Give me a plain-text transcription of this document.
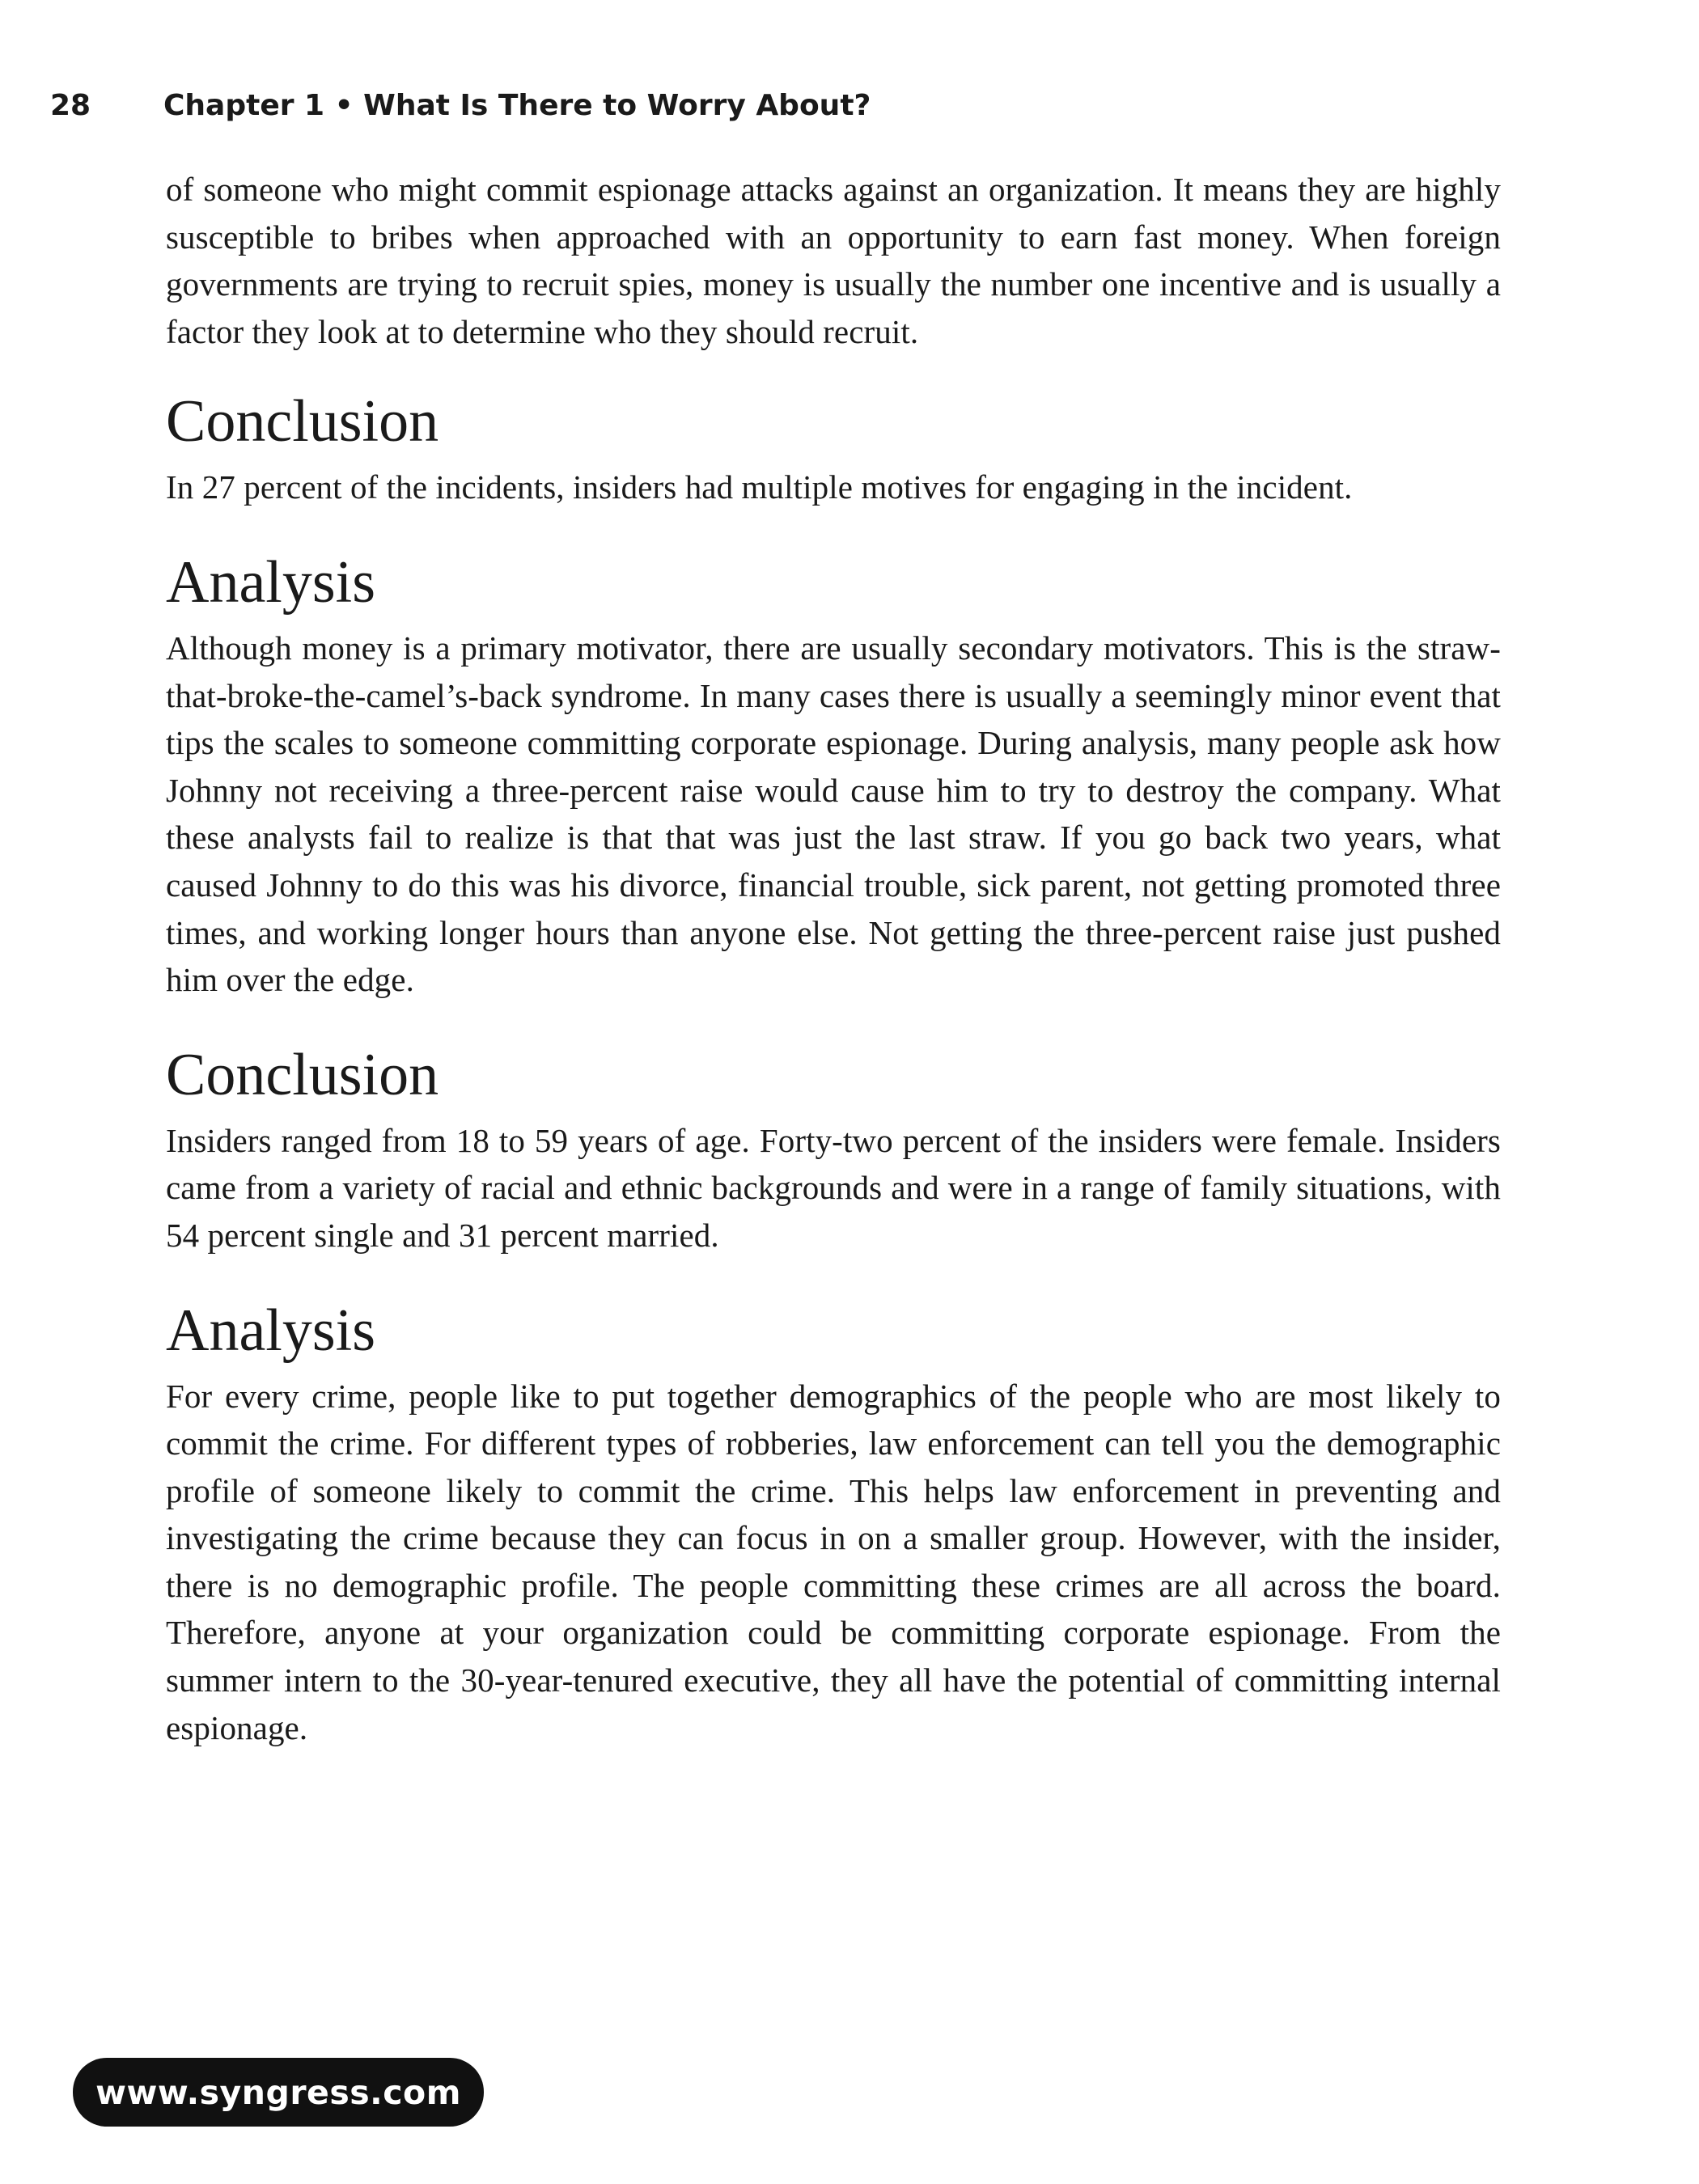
28 Chapter 1 • What Is There to Worry About?

of someone who might commit espionage attacks against an organization. It means they are highly susceptible to bribes when approached with an opportunity to earn fast money. When foreign governments are trying to recruit spies, money is usually the number one incentive and is usually a factor they look at to determine who they should recruit.

Conclusion

In 27 percent of the incidents, insiders had multiple motives for engaging in the incident.

Analysis

Although money is a primary motivator, there are usually secondary motivators. This is the straw-that-broke-the-camel’s-back syndrome. In many cases there is usually a seemingly minor event that tips the scales to someone committing corporate espionage. During analysis, many people ask how Johnny not receiving a three-percent raise would cause him to try to destroy the company. What these analysts fail to realize is that that was just the last straw. If you go back two years, what caused Johnny to do this was his divorce, financial trouble, sick parent, not getting promoted three times, and working longer hours than anyone else. Not getting the three-percent raise just pushed him over the edge.

Conclusion

Insiders ranged from 18 to 59 years of age. Forty-two percent of the insiders were female. Insiders came from a variety of racial and ethnic backgrounds and were in a range of family situations, with 54 percent single and 31 percent married.

Analysis

For every crime, people like to put together demographics of the people who are most likely to commit the crime. For different types of robberies, law enforcement can tell you the demographic profile of someone likely to commit the crime. This helps law enforcement in preventing and investigating the crime because they can focus in on a smaller group. However, with the insider, there is no demographic profile. The people committing these crimes are all across the board. Therefore, anyone at your organization could be committing corporate espionage. From the summer intern to the 30-year-tenured executive, they all have the potential of committing internal espionage.

www.syngress.com
